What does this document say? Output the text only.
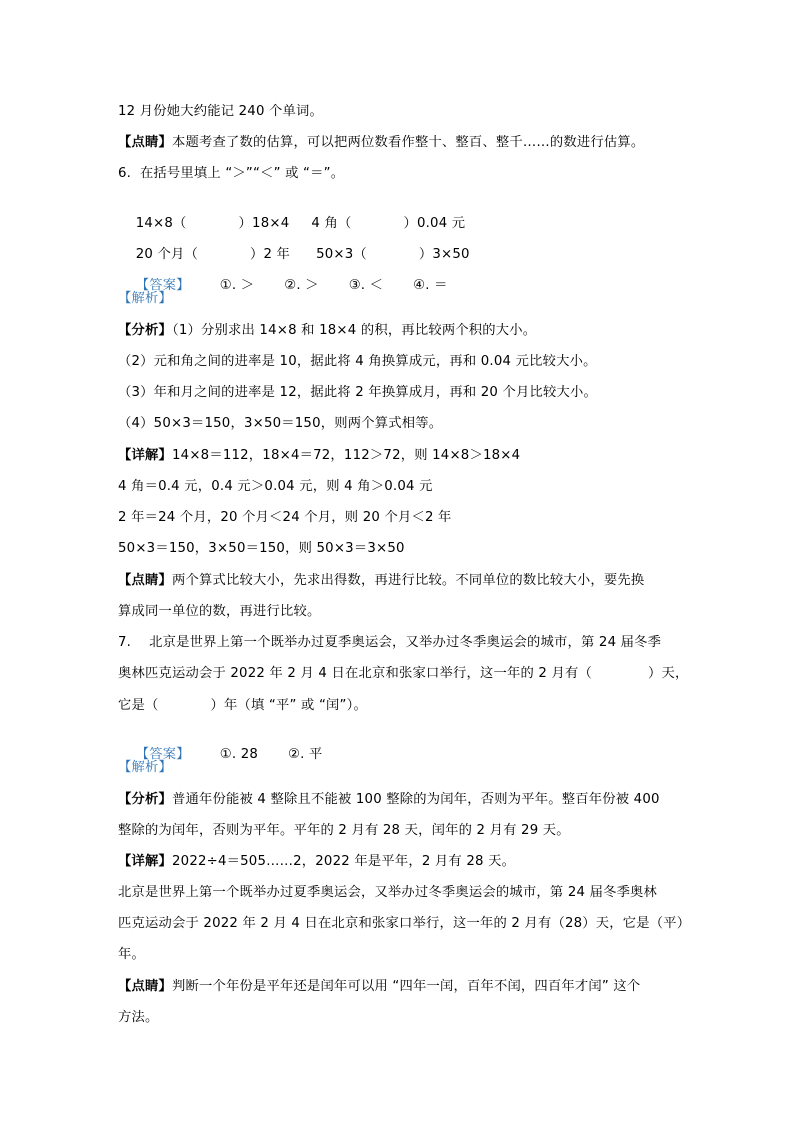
12 月份她大约能记 240 个单词。
【点睛】本题考查了数的估算，可以把两位数看作整十、整百、整千……的数进行估算。
6.  在括号里填上 “＞”“＜” 或 “＝”。

14×8（	）18×4 4 角（	）0.04 元

20 个月（	）2 年 50×3（	）3×50

【答案】 ①. ＞ ②. ＞ ③. ＜ ④. ＝

【解析】
【分析】（1）分别求出 14×8 和 18×4 的积，再比较两个积的大小。
（2）元和角之间的进率是 10，据此将 4 角换算成元，再和 0.04 元比较大小。
（3）年和月之间的进率是 12，据此将 2 年换算成月，再和 20 个月比较大小。
（4）50×3＝150，3×50＝150，则两个算式相等。
【详解】14×8＝112，18×4＝72，112＞72，则 14×8＞18×4
4 角＝0.4 元，0.4 元＞0.04 元，则 4 角＞0.04 元
2 年＝24 个月，20 个月＜24 个月，则 20 个月＜2 年
50×3＝150，3×50＝150，则 50×3＝3×50
【点睛】两个算式比较大小，先求出得数，再进行比较。不同单位的数比较大小，要先换
算成同一单位的数，再进行比较。
7. 北京是世界上第一个既举办过夏季奥运会，又举办过冬季奥运会的城市，第 24 届冬季
奥林匹克运动会于 2022 年 2 月 4 日在北京和张家口举行，这一年的 2 月有（	）天，
它是（	）年（填 “平” 或 “闰”）。

【答案】 ①. 28 ②. 平

【解析】
【分析】普通年份能被 4 整除且不能被 100 整除的为闰年，否则为平年。整百年份被 400
整除的为闰年，否则为平年。平年的 2 月有 28 天，闰年的 2 月有 29 天。
【详解】2022÷4＝505……2，2022 年是平年，2 月有 28 天。
北京是世界上第一个既举办过夏季奥运会，又举办过冬季奥运会的城市，第 24 届冬季奥林
匹克运动会于 2022 年 2 月 4 日在北京和张家口举行，这一年的 2 月有（28）天，它是（平）
年。
【点睛】判断一个年份是平年还是闰年可以用 “四年一闰，百年不闰，四百年才闰” 这个
方法。
